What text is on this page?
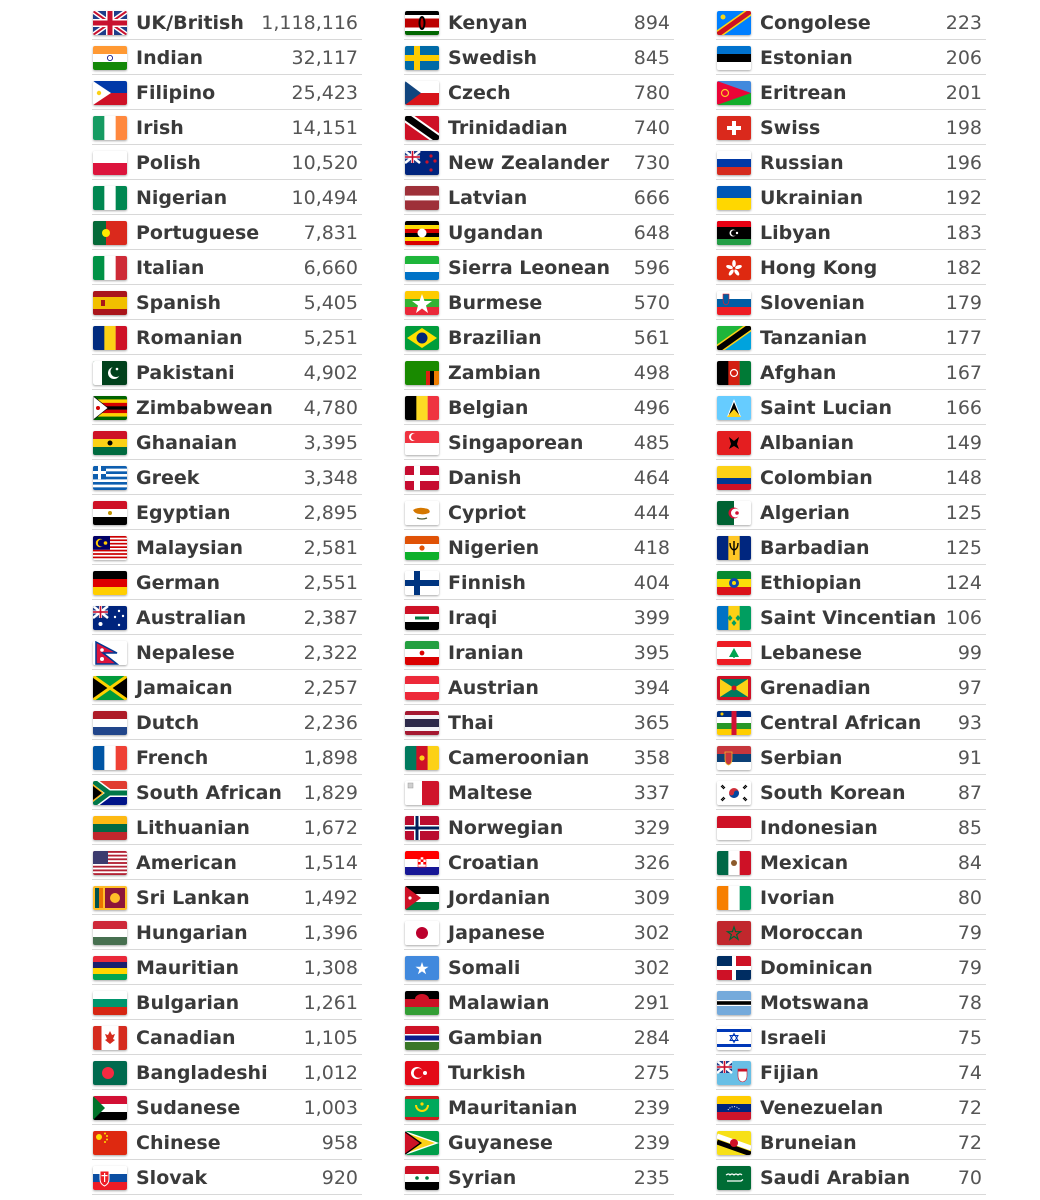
UK/British 1,118,116
Indian	32,117
Filipino	25,423
Irish	14,151
Polish	10,520
Nigerian	10,494
Portuguese 7,831
Italian	6,660
Spanish	5,405
Romanian	5,251
Pakistani	4,902
Zimbabwean 4,780
Ghanaian	3,395
Greek	3,348
Egyptian	2,895
Malaysian	2,581
German	2,551
Australian	2,387
Nepalese	2,322
Jamaican	2,257
Dutch	2,236
French	1,898
South African 1,829
Lithuanian	1,672
American	1,514
Sri Lankan	1,492
Hungarian	1,396
Mauritian	1,308
Bulgarian	1,261
Canadian	1,105
Bangladeshi 1,012
Sudanese	1,003
Chinese	958
Slovak	920
Kenyan	894
Swedish	845
Czech	780
Trinidadian	740
New Zealander 730
Latvian	666
Ugandan	648
Sierra Leonean 596
Burmese	570
Brazilian	561
Zambian	498
Belgian	496
Singaporean	485
Danish	464
Cypriot	444
Nigerien	418
Finnish	404
Iraqi	399
Iranian	395
Austrian	394
Thai	365
Cameroonian 358
Maltese	337
Norwegian	329
Croatian	326
Jordanian	309
Japanese	302
Somali	302
Malawian	291
Gambian	284
Turkish	275
Mauritanian	239
Guyanese	239
Syrian	235
Congolese	223
Estonian	206
Eritrean	201
Swiss	198
Russian	196
Ukrainian	192
Libyan	183
Hong Kong	182
Slovenian	179
Tanzanian	177
Afghan	167
Saint Lucian	166
Albanian	149
Colombian	148
Algerian	125
Barbadian	125
Ethiopian	124
Saint Vincentian 106
Lebanese	99
Grenadian	97
Central African 93
Serbian	91
South Korean	87
Indonesian	85
Mexican	84
Ivorian	80
Moroccan	79
Dominican	79
Motswana	78
Israeli	75
Fijian	74
Venezuelan	72
Bruneian	72
Saudi Arabian	70
